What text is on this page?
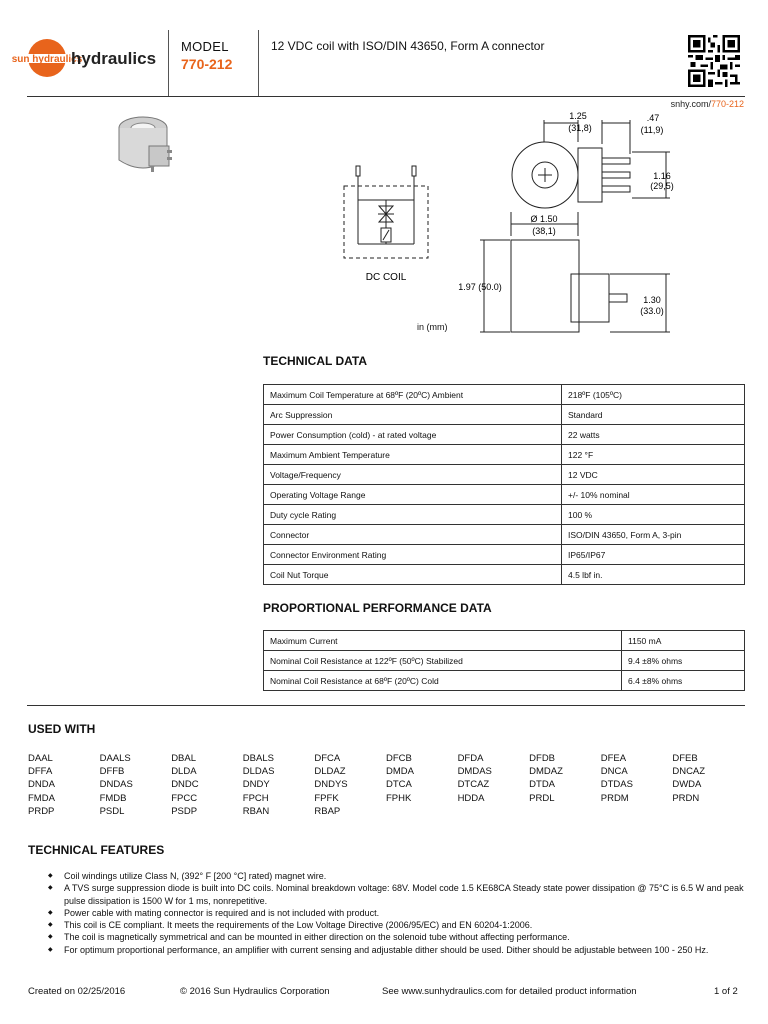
sun hydraulics
hydraulics
MODEL
770-212
12 VDC coil with ISO/DIN 43650, Form A connector
snhy.com/770-212
DC COIL
1.25
(31,8)
.47
(11,9)
1.16
(29,5)
Ø 1.50
(38,1)
1.97 (50.0)
1.30
(33.0)
in (mm)
TECHNICAL DATA
Maximum Coil Temperature at 68ºF (20ºC) Ambient	218ºF (105ºC)
Arc Suppression	Standard
Power Consumption (cold) - at rated voltage	22 watts
Maximum Ambient Temperature	122 °F
Voltage/Frequency	12 VDC
Operating Voltage Range	+/- 10% nominal
Duty cycle Rating	100 %
Connector	ISO/DIN 43650, Form A, 3-pin
Connector Environment Rating	IP65/IP67
Coil Nut Torque	4.5 lbf in.
PROPORTIONAL PERFORMANCE DATA
Maximum Current	1150 mA
Nominal Coil Resistance at 122ºF (50ºC) Stabilized	9.4 ±8% ohms
Nominal Coil Resistance at 68ºF (20ºC) Cold	6.4 ±8% ohms
USED WITH
DAAL	DAALS	DBAL	DBALS	DFCA	DFCB	DFDA	DFDB	DFEA	DFEB
DFFA	DFFB	DLDA	DLDAS	DLDAZ	DMDA	DMDAS	DMDAZ	DNCA	DNCAZ
DNDA	DNDAS	DNDC	DNDY	DNDYS	DTCA	DTCAZ	DTDA	DTDAS	DWDA
FMDA	FMDB	FPCC	FPCH	FPFK	FPHK	HDDA	PRDL	PRDM	PRDN
PRDP	PSDL	PSDP	RBAN	RBAP
TECHNICAL FEATURES
◆ Coil windings utilize Class N, (392° F [200 °C] rated) magnet wire.
◆ A TVS surge suppression diode is built into DC coils. Nominal breakdown voltage: 68V. Model code 1.5 KE68CA Steady state power dissipation @ 75°C is 6.5 W and peak pulse dissipation is 1500 W for 1 ms, nonrepetitive.
◆ Power cable with mating connector is required and is not included with product.
◆ This coil is CE compliant. It meets the requirements of the Low Voltage Directive (2006/95/EC) and EN 60204-1:2006.
◆ The coil is magnetically symmetrical and can be mounted in either direction on the solenoid tube without affecting performance.
◆ For optimum proportional performance, an amplifier with current sensing and adjustable dither should be used. Dither should be adjustable between 100 - 250 Hz.
Created on 02/25/2016	© 2016 Sun Hydraulics Corporation	See www.sunhydraulics.com for detailed product information	1 of 2
